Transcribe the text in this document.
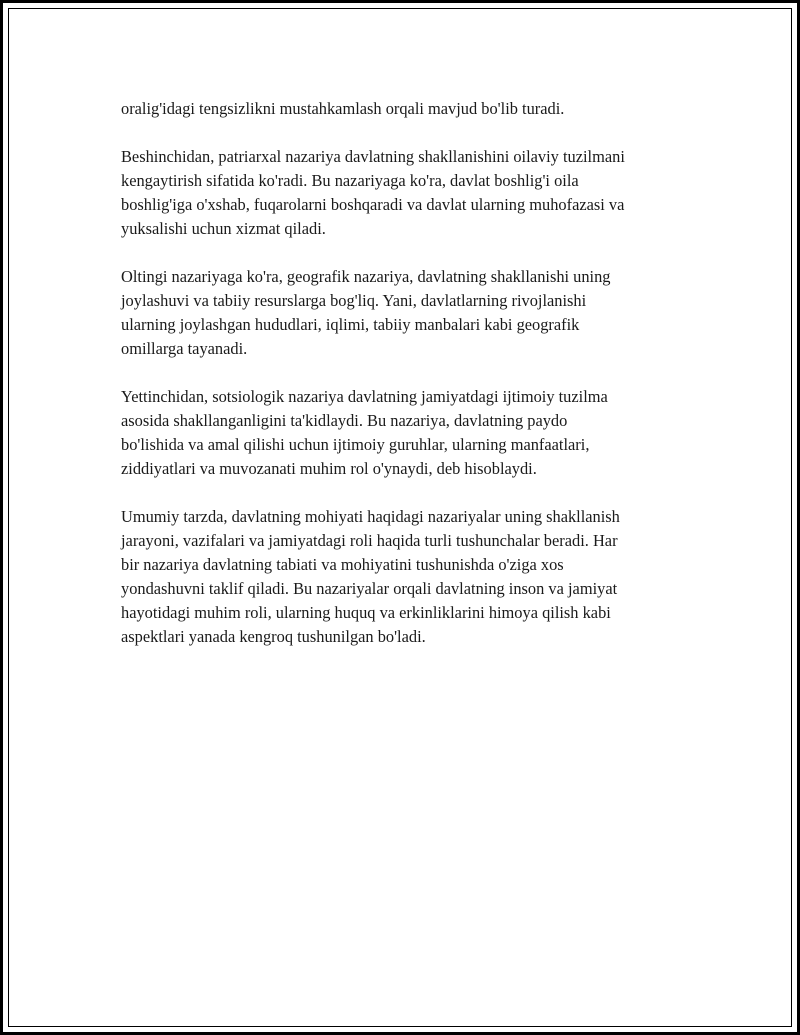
oralig'idagi tengsizlikni mustahkamlash orqali mavjud bo'lib turadi.

Beshinchidan, patriarxal nazariya davlatning shakllanishini oilaviy tuzilmani
kengaytirish sifatida ko'radi. Bu nazariyaga ko'ra, davlat boshlig'i oila
boshlig'iga o'xshab, fuqarolarni boshqaradi va davlat ularning muhofazasi va
yuksalishi uchun xizmat qiladi.

Oltingi nazariyaga ko'ra, geografik nazariya, davlatning shakllanishi uning
joylashuvi va tabiiy resurslarga bog'liq. Yani, davlatlarning rivojlanishi
ularning joylashgan hududlari, iqlimi, tabiiy manbalari kabi geografik
omillarga tayanadi.

Yettinchidan, sotsiologik nazariya davlatning jamiyatdagi ijtimoiy tuzilma
asosida shakllanganligini ta'kidlaydi. Bu nazariya, davlatning paydo
bo'lishida va amal qilishi uchun ijtimoiy guruhlar, ularning manfaatlari,
ziddiyatlari va muvozanati muhim rol o'ynaydi, deb hisoblaydi.

Umumiy tarzda, davlatning mohiyati haqidagi nazariyalar uning shakllanish
jarayoni, vazifalari va jamiyatdagi roli haqida turli tushunchalar beradi. Har
bir nazariya davlatning tabiati va mohiyatini tushunishda o'ziga xos
yondashuvni taklif qiladi. Bu nazariyalar orqali davlatning inson va jamiyat
hayotidagi muhim roli, ularning huquq va erkinliklarini himoya qilish kabi
aspektlari yanada kengroq tushunilgan bo'ladi.
